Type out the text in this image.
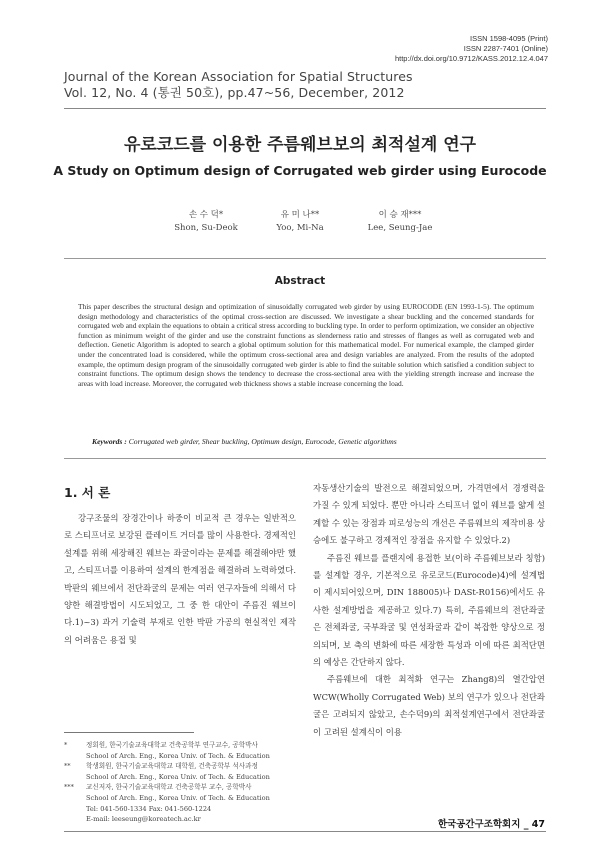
ISSN 1598-4095 (Print)
ISSN 2287-7401 (Online)
http://dx.doi.org/10.9712/KASS.2012.12.4.047
Journal of the Korean Association for Spatial Structures
Vol. 12, No. 4 (통권 50호), pp.47~56, December, 2012
유로코드를 이용한 주름웨브보의 최적설계 연구
A Study on Optimum design of Corrugated web girder using Eurocode
손 수 덕*
Shon, Su-Deok
유 미 나**
Yoo, Mi-Na
이 승 재***
Lee, Seung-Jae
Abstract
This paper describes the structural design and optimization of sinusoidally corrugated web girder by using EUROCODE (EN 1993-1-5). The optimum design methodology and characteristics of the optimal cross-section are discussed. We investigate a shear buckling and the concerned standards for corrugated web and explain the equations to obtain a critical stress according to buckling type. In order to perform optimization, we consider an objective function as minimum weight of the girder and use the constraint functions as slenderness ratio and stresses of flanges as well as corrugated web and deflection. Genetic Algorithm is adopted to search a global optimum solution for this mathematical model. For numerical example, the clamped girder under the concentrated load is considered, while the optimum cross-sectional area and design variables are analyzed. From the results of the adopted example, the optimum design program of the sinusoidally corrugated web girder is able to find the suitable solution which satisfied a condition subject to constraint functions. The optimum design shows the tendency to decrease the cross-sectional area with the yielding strength increase and increase the areas with load increase. Moreover, the corrugated web thickness shows a stable increase concerning the load.
Keywords : Corrugated web girder, Shear buckling, Optimum design, Eurocode, Genetic algorithms
1. 서 론

강구조물의 장경간이나 하중이 비교적 큰 경우는 일반적으로 스티프너로 보강된 플레이트 거더를 많이 사용한다. 경제적인 설계를 위해 세장해진 웨브는 좌굴이라는 문제를 해결해야만 했고, 스티프너를 이용하여 설계의 한계점을 해결하려 노력하였다. 박판의 웨브에서 전단좌굴의 문제는 여러 연구자들에 의해서 다양한 해결방법이 시도되었고, 그 중 한 대안이 주름진 웨브이다.1)~3) 과거 기술력 부재로 인한 박판 가공의 현실적인 제작의 어려움은 용접 및

자동생산기술의 발전으로 해결되었으며, 가격면에서 경쟁력을 가질 수 있게 되었다. 뿐만 아니라 스티프너 없이 웨브를 얇게 설계할 수 있는 장점과 피로성능의 개선은 주름웨브의 제작비용 상승에도 불구하고 경제적인 장점을 유지할 수 있었다.2)

주름진 웨브를 플랜지에 용접한 보(이하 주름웨브보라 칭함)를 설계할 경우, 기본적으로 유로코드(Eurocode)4)에 설계법이 제시되어있으며, DIN 188005)나 DASt-R0156)에서도 유사한 설계방법을 제공하고 있다.7) 특히, 주름웨브의 전단좌굴은 전체좌굴, 국부좌굴 및 연성좌굴과 같이 복잡한 양상으로 정의되며, 보 축의 변화에 따른 세장한 특성과 이에 따른 최적단면의 예상은 간단하지 않다.

주름웨브에 대한 최적화 연구는 Zhang8)의 열간압연 WCW(Wholly Corrugated Web) 보의 연구가 있으나 전단좌굴은 고려되지 않았고, 손수덕9)의 최적설계연구에서 전단좌굴이 고려된 설계식이 이용

*	정회원, 한국기술교육대학교 건축공학부 연구교수, 공학박사
School of Arch. Eng., Korea Univ. of Tech. & Education
**	학생회원, 한국기술교육대학교 대학원, 건축공학부 석사과정
School of Arch. Eng., Korea Univ. of Tech. & Education
***	교신저자, 한국기술교육대학교 건축공학부 교수, 공학박사
School of Arch. Eng., Korea Univ. of Tech. & Education
Tel: 041-560-1334 Fax: 041-560-1224
E-mail: leeseung@koreatech.ac.kr	한국공간구조학회지 _ 47
